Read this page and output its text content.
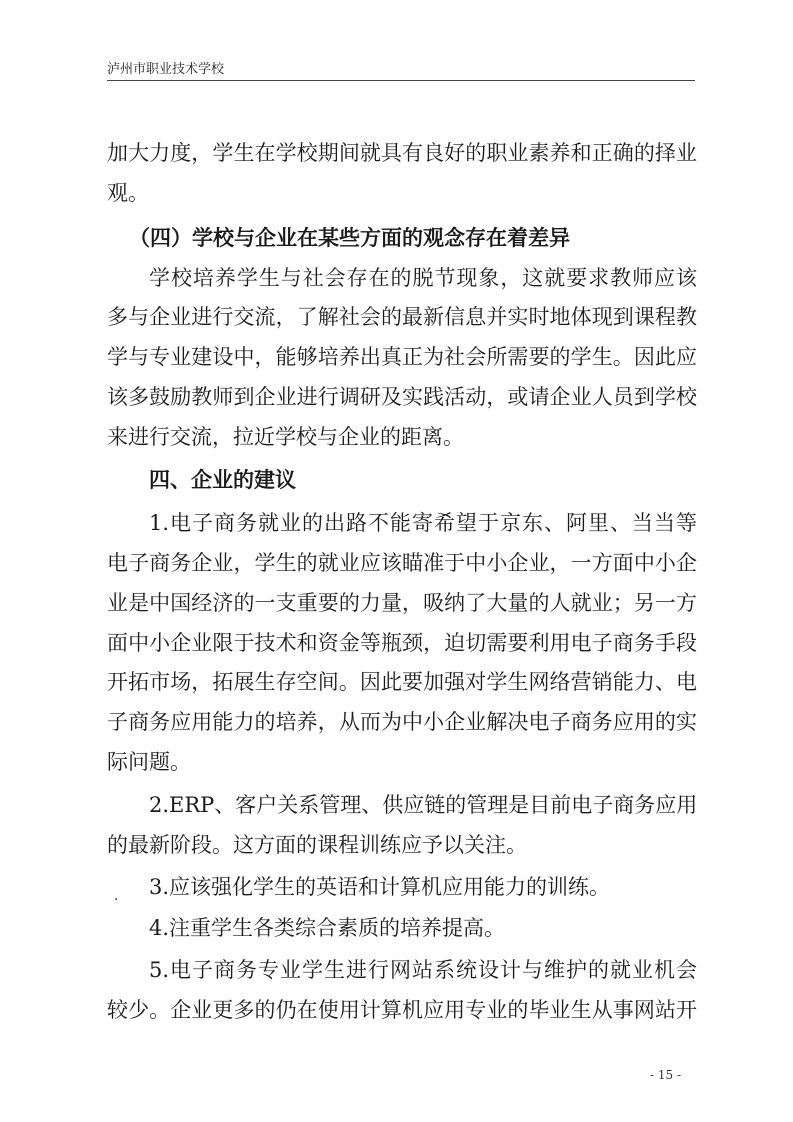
泸州市职业技术学校
加大力度，学生在学校期间就具有良好的职业素养和正确的择业
观。
（四）学校与企业在某些方面的观念存在着差异
学校培养学生与社会存在的脱节现象，这就要求教师应该
多与企业进行交流，了解社会的最新信息并实时地体现到课程教
学与专业建设中，能够培养出真正为社会所需要的学生。因此应
该多鼓励教师到企业进行调研及实践活动，或请企业人员到学校
来进行交流，拉近学校与企业的距离。
四、企业的建议
1.电子商务就业的出路不能寄希望于京东、阿里、当当等
电子商务企业，学生的就业应该瞄准于中小企业，一方面中小企
业是中国经济的一支重要的力量，吸纳了大量的人就业；另一方
面中小企业限于技术和资金等瓶颈，迫切需要利用电子商务手段
开拓市场，拓展生存空间。因此要加强对学生网络营销能力、电
子商务应用能力的培养，从而为中小企业解决电子商务应用的实
际问题。
2.ERP、客户关系管理、供应链的管理是目前电子商务应用
的最新阶段。这方面的课程训练应予以关注。
. 3.应该强化学生的英语和计算机应用能力的训练。
4.注重学生各类综合素质的培养提高。
5.电子商务专业学生进行网站系统设计与维护的就业机会
较少。企业更多的仍在使用计算机应用专业的毕业生从事网站开
- 15 -
